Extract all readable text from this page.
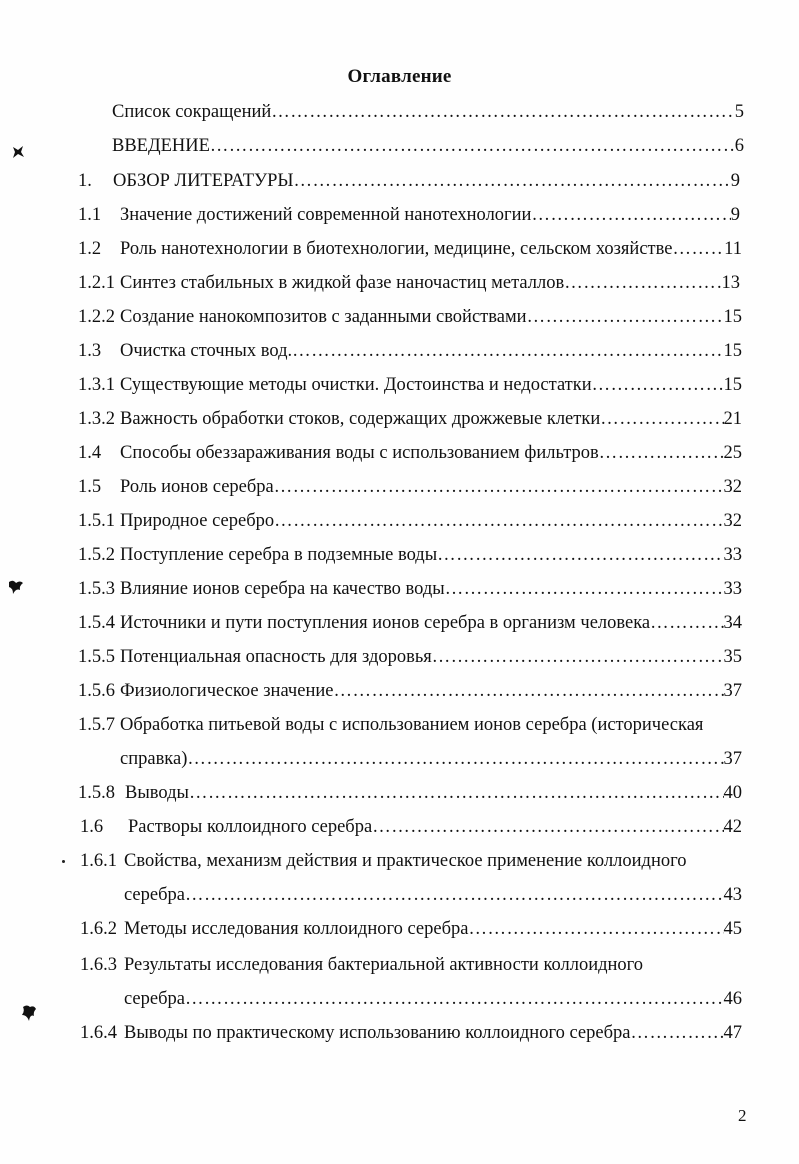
Оглавление
Список сокращений ………………………………………………………………………………………………………………………………………………………………………………………………………………	5
ВВЕДЕНИЕ ………………………………………………………………………………………………………………………………………………………………………………………………………………	6
1.	ОБЗОР ЛИТЕРАТУРЫ ………………………………………………………………………………………………………………………………………………………………………………………………………………	9
1.1	Значение достижений современной нанотехнологии ………………………………………………………………………………………………………………………………………………………………………………………………………………	9
1.2	Роль нанотехнологии в биотехнологии, медицине, сельском хозяйстве ………………………………………………………………………………………………………………………………………………………………………………………………………………	11
1.2.1 Синтез стабильных в жидкой фазе наночастиц металлов ………………………………………………………………………………………………………………………………………………………………………………………………………………	13
1.2.2 Создание нанокомпозитов с заданными свойствами ………………………………………………………………………………………………………………………………………………………………………………………………………………	15
1.3	Очистка сточных вод. ………………………………………………………………………………………………………………………………………………………………………………………………………………	15
1.3.1 Существующие методы очистки. Достоинства и недостатки ………………………………………………………………………………………………………………………………………………………………………………………………………………	15
1.3.2 Важность обработки стоков, содержащих дрожжевые клетки ………………………………………………………………………………………………………………………………………………………………………………………………………………	21
1.4	Способы обеззараживания воды с использованием фильтров ………………………………………………………………………………………………………………………………………………………………………………………………………………	25
1.5	Роль ионов серебра ………………………………………………………………………………………………………………………………………………………………………………………………………………	32
1.5.1 Природное серебро ………………………………………………………………………………………………………………………………………………………………………………………………………………	32
1.5.2 Поступление серебра в подземные воды ………………………………………………………………………………………………………………………………………………………………………………………………………………	33
1.5.3 Влияние ионов серебра на качество воды ………………………………………………………………………………………………………………………………………………………………………………………………………………	33
1.5.4 Источники и пути поступления ионов серебра в организм человека ………………………………………………………………………………………………………………………………………………………………………………………………………………	34
1.5.5 Потенциальная опасность для здоровья ………………………………………………………………………………………………………………………………………………………………………………………………………………	35
1.5.6 Физиологическое значение ………………………………………………………………………………………………………………………………………………………………………………………………………………	37
1.5.7 Обработка питьевой воды с использованием ионов серебра (историческая
справка) ………………………………………………………………………………………………………………………………………………………………………………………………………………	37
1.5.8 Выводы ………………………………………………………………………………………………………………………………………………………………………………………………………………	40
1.6	Растворы коллоидного серебра ………………………………………………………………………………………………………………………………………………………………………………………………………………	42
1.6.1 Свойства, механизм действия и практическое применение коллоидного
серебра ………………………………………………………………………………………………………………………………………………………………………………………………………………	43
1.6.2 Методы исследования коллоидного серебра ………………………………………………………………………………………………………………………………………………………………………………………………………………	45
1.6.3 Результаты исследования бактериальной активности коллоидного
серебра ………………………………………………………………………………………………………………………………………………………………………………………………………………	46
1.6.4 Выводы по практическому использованию коллоидного серебра ………………………………………………………………………………………………………………………………………………………………………………………………………………	47
2
